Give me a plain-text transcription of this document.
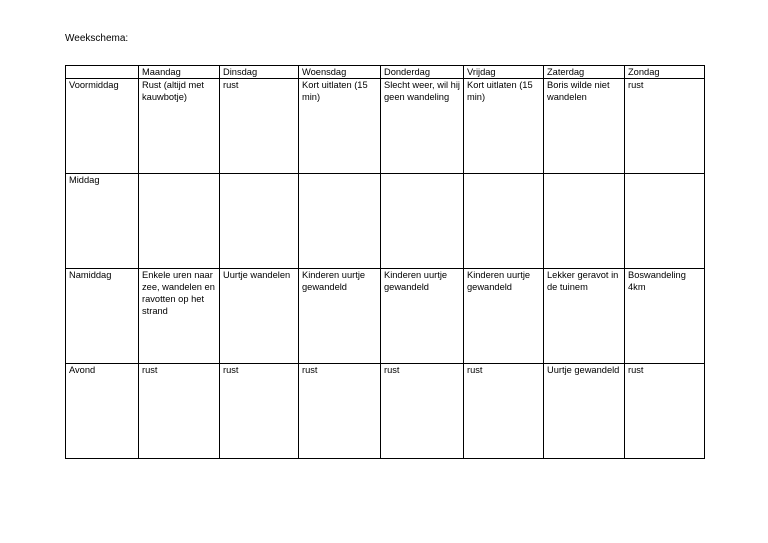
Weekschema:
	Maandag	Dinsdag	Woensdag	Donderdag	Vrijdag	Zaterdag	Zondag
Voormiddag	Rust (altijd met kauwbotje)	rust	Kort uitlaten (15 min)	Slecht weer, wil hij geen wandeling	Kort uitlaten (15 min)	Boris wilde niet wandelen	rust
Middag							
Namiddag	Enkele uren naar zee, wandelen en ravotten op het strand	Uurtje wandelen	Kinderen uurtje gewandeld	Kinderen uurtje gewandeld	Kinderen uurtje gewandeld	Lekker geravot in de tuinem	Boswandeling 4km
Avond	rust	rust	rust	rust	rust	Uurtje gewandeld	rust
